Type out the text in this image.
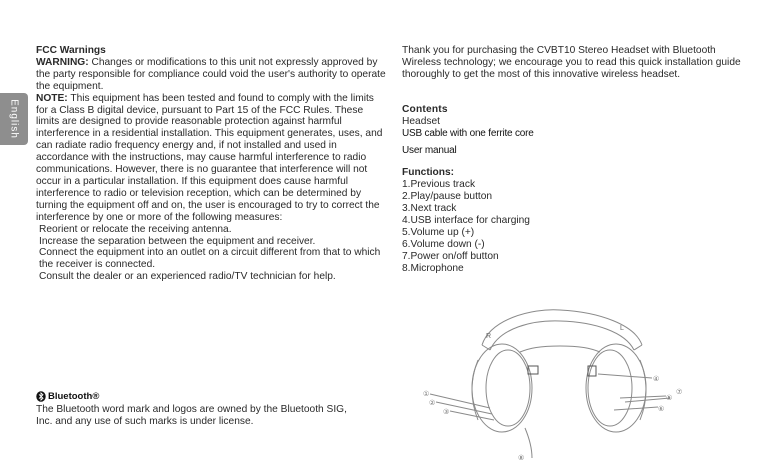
English

FCC Warnings

WARNING: Changes or modifications to this unit not expressly approved by the party responsible for compliance could void the user's authority to operate the equipment.

NOTE: This equipment has been tested and found to comply with the limits for a Class B digital device, pursuant to Part 15 of the FCC Rules. These limits are designed to provide reasonable protection against harmful interference in a residential installation. This equipment generates, uses, and can radiate radio frequency energy and, if not installed and used in accordance with the instructions, may cause harmful interference to radio communications. However, there is no guarantee that interference will not occur in a particular installation. If this equipment does cause harmful interference to radio or television reception, which can be determined by turning the equipment off and on, the user is encouraged to try to correct the interference by one or more of the following measures:

Reorient or relocate the receiving antenna.

Increase the separation between the equipment and receiver.

Connect the equipment into an outlet on a circuit different from that to which the receiver is connected.

Consult the dealer or an experienced radio/TV technician for help.

Bluetooth®

The Bluetooth word mark and logos are owned by the Bluetooth SIG, Inc. and any use of such marks is under license.

Thank you for purchasing the CVBT10 Stereo Headset with Bluetooth Wireless technology; we encourage you to read this quick installation guide thoroughly to get the most of this innovative wireless headset.

Contents

Headset

USB cable with one ferrite core

User manual

Functions:

1.Previous track

2.Play/pause button

3.Next track

4.USB interface for charging

5.Volume up (+)

6.Volume down (-)

7.Power on/off button

8.Microphone

R
L
①
②
③
④
⑤
⑥
⑦
⑧
